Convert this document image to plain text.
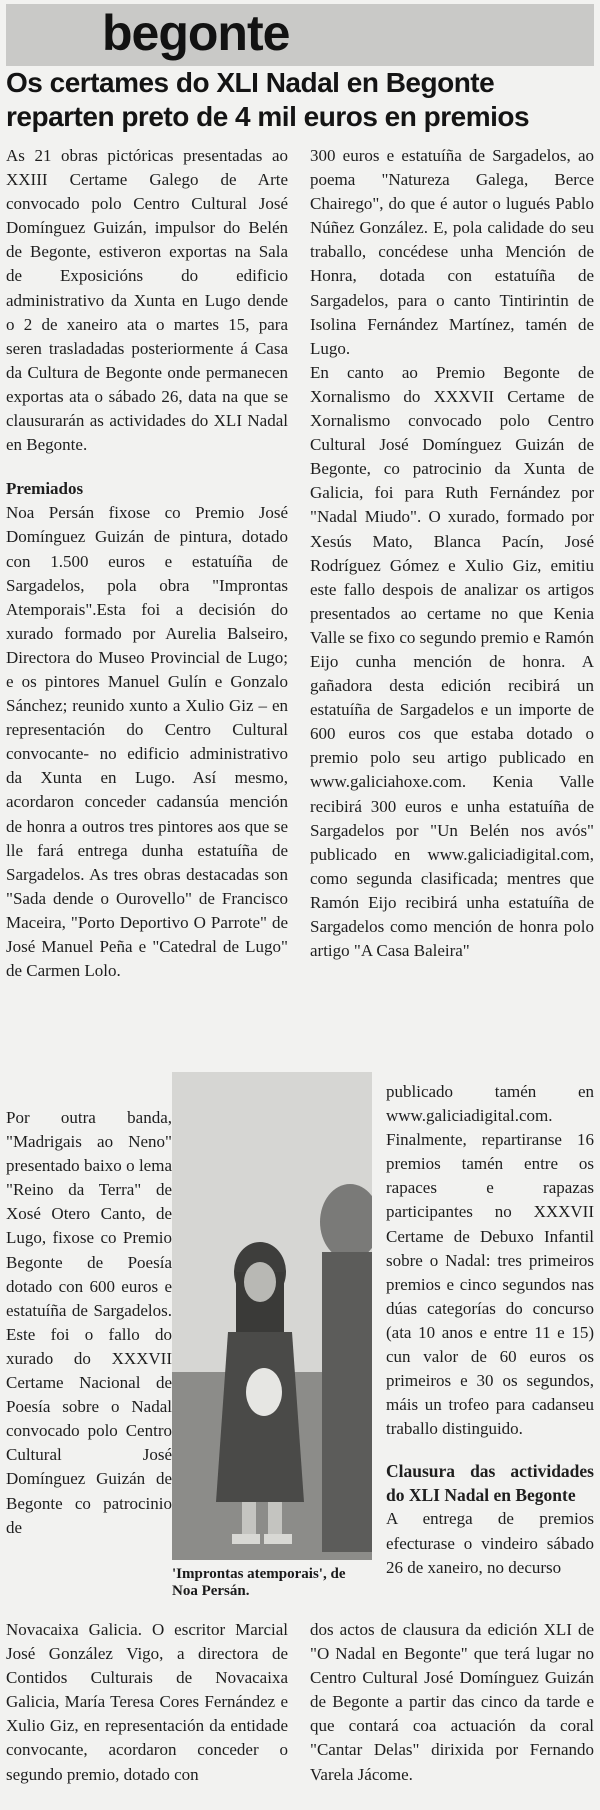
begonte
Os certames do XLI Nadal en Begonte reparten preto de 4 mil euros en premios

As 21 obras pictóricas presentadas ao XXIII Certame Galego de Arte convocado polo Centro Cultural José Domínguez Guizán, impulsor do Belén de Begonte, estiveron exportas na Sala de Exposicións do edificio administrativo da Xunta en Lugo dende o 2 de xaneiro ata o martes 15, para seren trasladadas posteriormente á Casa da Cultura de Begonte onde permanecen exportas ata o sábado 26, data na que se clausurarán as actividades do XLI Nadal en Begonte.

Premiados

Noa Persán fixose co Premio José Domínguez Guizán de pintura, dotado con 1.500 euros e estatuíña de Sargadelos, pola obra "Improntas Atemporais".Esta foi a decisión do xurado formado por Aurelia Balseiro, Directora do Museo Provincial de Lugo; e os pintores Manuel Gulín e Gonzalo Sánchez; reunido xunto a Xulio Giz – en representación do Centro Cultural convocante- no edificio administrativo da Xunta en Lugo. Así mesmo, acordaron conceder cadansúa mención de honra a outros tres pintores aos que se lle fará entrega dunha estatuíña de Sargadelos. As tres obras destacadas son "Sada dende o Ourovello" de Francisco Maceira, "Porto Deportivo O Parrote" de José Manuel Peña e "Catedral de Lugo" de Carmen Lolo.

Por outra banda, "Madrigais ao Neno" presentado baixo o lema "Reino da Terra" de Xosé Otero Canto, de Lugo, fixose co Premio Begonte de Poesía dotado con 600 euros e estatuíña de Sargadelos. Este foi o fallo do xurado do XXXVII Certame Nacional de Poesía sobre o Nadal convocado polo Centro Cultural José Domínguez Guizán de Begonte co patrocinio de

Novacaixa Galicia. O escritor Marcial José González Vigo, a directora de Contidos Culturais de Novacaixa Galicia, María Teresa Cores Fernández e Xulio Giz, en representación da entidade convocante, acordaron conceder o segundo premio, dotado con

300 euros e estatuíña de Sargadelos, ao poema "Natureza Galega, Berce Chairego", do que é autor o lugués Pablo Núñez González. E, pola calidade do seu traballo, concédese unha Mención de Honra, dotada con estatuíña de Sargadelos, para o canto Tintirintin de Isolina Fernández Martínez, tamén de Lugo.

En canto ao Premio Begonte de Xornalismo do XXXVII Certame de Xornalismo convocado polo Centro Cultural José Domínguez Guizán de Begonte, co patrocinio da Xunta de Galicia, foi para Ruth Fernández por "Nadal Miudo". O xurado, formado por Xesús Mato, Blanca Pacín, José Rodríguez Gómez e Xulio Giz, emitiu este fallo despois de analizar os artigos presentados ao certame no que Kenia Valle se fixo co segundo premio e Ramón Eijo cunha mención de honra. A gañadora desta edición recibirá un estatuíña de Sargadelos e un importe de 600 euros cos que estaba dotado o premio polo seu artigo publicado en www.galiciahoxe.com. Kenia Valle recibirá 300 euros e unha estatuíña de Sargadelos por "Un Belén nos avós" publicado en www.galiciadigital.com, como segunda clasificada; mentres que Ramón Eijo recibirá unha estatuíña de Sargadelos como mención de honra polo artigo "A Casa Baleira"

publicado tamén en www.galiciadigital.com. Finalmente, repartiranse 16 premios tamén entre os rapaces e rapazas participantes no XXXVII Certame de Debuxo Infantil sobre o Nadal: tres primeiros premios e cinco segundos nas dúas categorías do concurso (ata 10 anos e entre 11 e 15) cun valor de 60 euros os primeiros e 30 os segundos, máis un trofeo para cadanseu traballo distinguido.

Clausura das actividades do XLI Nadal en Begonte

A entrega de premios efecturase o vindeiro sábado 26 de xaneiro, no decurso

dos actos de clausura da edición XLI de "O Nadal en Begonte" que terá lugar no Centro Cultural José Domínguez Guizán de Begonte a partir das cinco da tarde e que contará coa actuación da coral "Cantar Delas" dirixida por Fernando Varela Jácome.

'Improntas atemporais', de Noa Persán.
